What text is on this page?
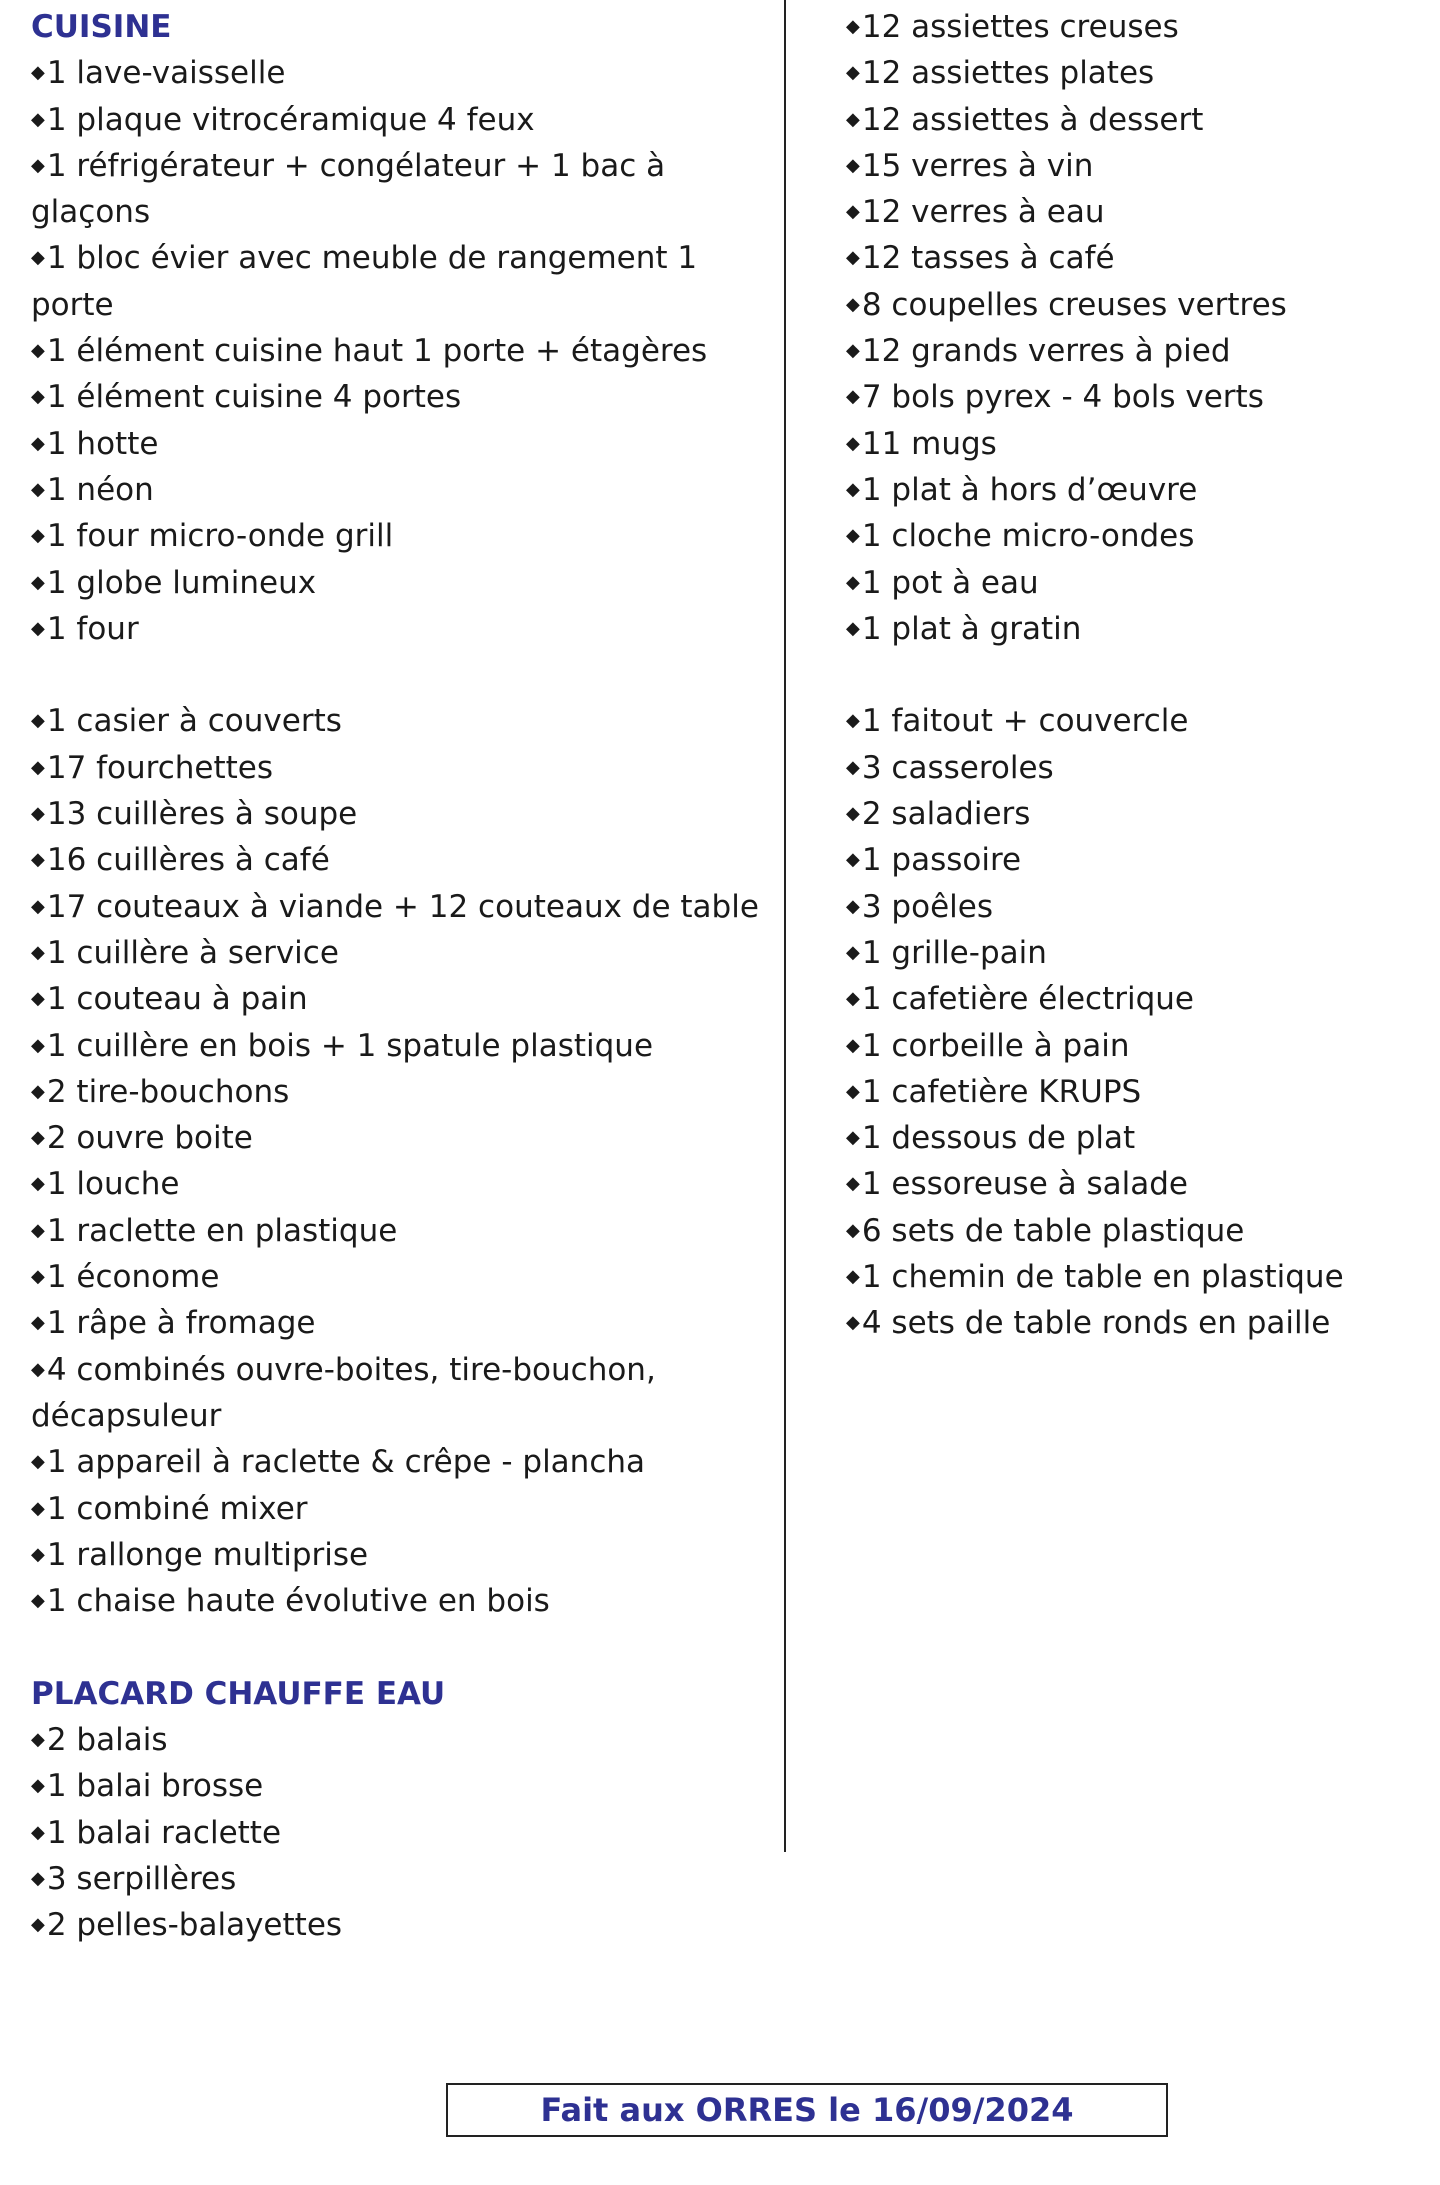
CUISINE
◆1 lave-vaisselle
◆1 plaque vitrocéramique 4 feux
◆1 réfrigérateur + congélateur + 1 bac à glaçons
◆1 bloc évier avec meuble de rangement 1 porte
◆1 élément cuisine haut 1 porte + étagères
◆1 élément cuisine 4 portes
◆1 hotte
◆1 néon
◆1 four micro-onde grill
◆1 globe lumineux
◆1 four
◆1 casier à couverts
◆17 fourchettes
◆13 cuillères à soupe
◆16 cuillères à café
◆17 couteaux à viande + 12 couteaux de table
◆1 cuillère à service
◆1 couteau à pain
◆1 cuillère en bois + 1 spatule plastique
◆2 tire-bouchons
◆2 ouvre boite
◆1 louche
◆1 raclette en plastique
◆1 économe
◆1 râpe à fromage
◆4 combinés ouvre-boites, tire-bouchon, décapsuleur
◆1 appareil à raclette & crêpe - plancha
◆1 combiné mixer
◆1 rallonge multiprise
◆1 chaise haute évolutive en bois
PLACARD CHAUFFE EAU
◆2 balais
◆1 balai brosse
◆1 balai raclette
◆3 serpillères
◆2 pelles-balayettes
◆12 assiettes creuses
◆12 assiettes plates
◆12 assiettes à dessert
◆15 verres à vin
◆12 verres à eau
◆12 tasses à café
◆8 coupelles creuses vertres
◆12 grands verres à pied
◆7 bols pyrex - 4 bols verts
◆11 mugs
◆1 plat à hors d’œuvre
◆1 cloche micro-ondes
◆1 pot à eau
◆1 plat à gratin
◆1 faitout + couvercle
◆3 casseroles
◆2 saladiers
◆1 passoire
◆3 poêles
◆1 grille-pain
◆1 cafetière électrique
◆1 corbeille à pain
◆1 cafetière KRUPS
◆1 dessous de plat
◆1 essoreuse à salade
◆6 sets de table plastique
◆1 chemin de table en plastique
◆4 sets de table ronds en paille
Fait aux ORRES le 16/09/2024
